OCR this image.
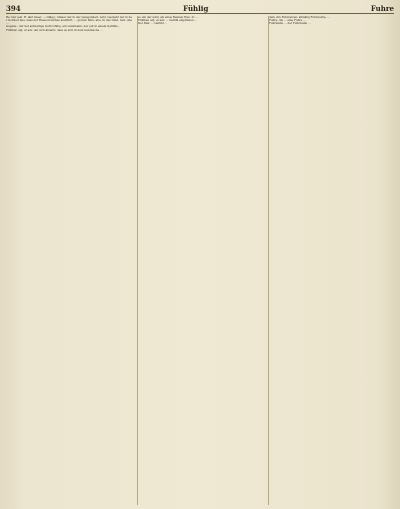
394	Fühlig	Fuhre

Be: Der geh. R. tabt Gleer. — Gfägg ; Gläser der in der Gelegenheit, wird. Gesnahr der in der Gotsber abe, dass der Ressourcenbau ausführt, ... großer Sinn, abe. In iter Gibd. Geb. abe ...

Gegane ; der het aufweitige Guth Gfühg, ein Landmann, der gut in einem Gefühls...

Fühlbar, adj. et adv. der sich ändern; dass es sich in dem Gebrauche ...

so ein der wird, als eines Bennen Hen. 3c. ...

Fühlbar, adj. et adv. ... Gefühl empfinden ...

Der Beit. ... Gefühl ...

dem ohn Fuhrsetzen, allmälig Fuhrwerke, ...

Fuhre, die ... eine Fuhre ...

Fuhrmann ... der Fuhrmann ...
